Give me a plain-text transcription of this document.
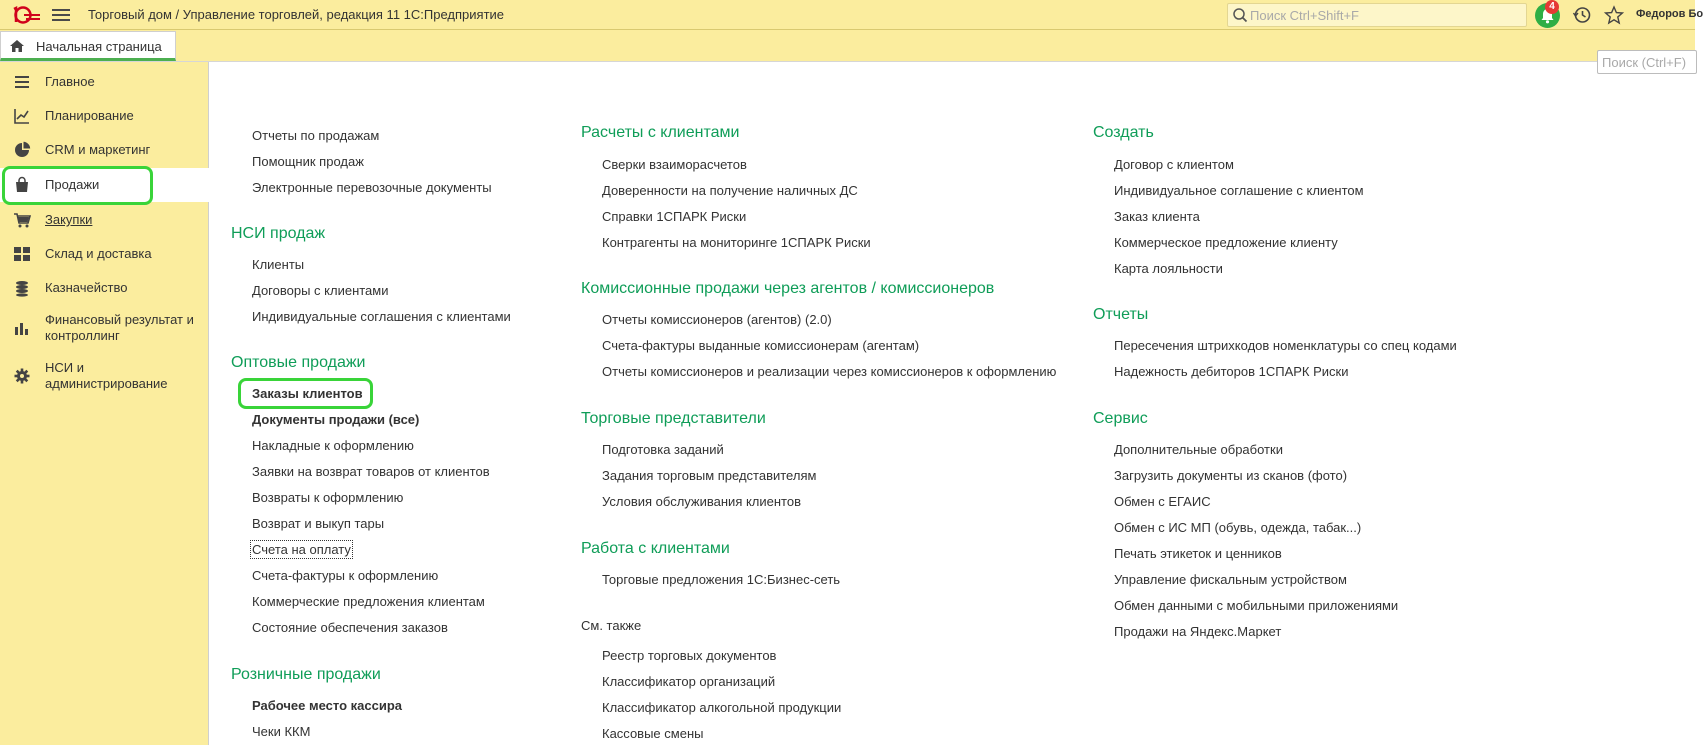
Торговый дом / Управление торговлей, редакция 11 1С:Предприятие
Поиск Ctrl+Shift+F
4
Федоров Бо
Начальная страница
Главное
Планирование
CRM и маркетинг
Продажи
Закупки
Склад и доставка
Казначейство
Финансовый результат и контроллинг
НСИ и администрирование
Поиск (Ctrl+F)
Отчеты по продажам
Помощник продаж
Электронные перевозочные документы
НСИ продаж
Клиенты
Договоры с клиентами
Индивидуальные соглашения с клиентами
Оптовые продажи
Заказы клиентов
Документы продажи (все)
Накладные к оформлению
Заявки на возврат товаров от клиентов
Возвраты к оформлению
Возврат и выкуп тары
Счета на оплату
Счета-фактуры к оформлению
Коммерческие предложения клиентам
Состояние обеспечения заказов
Розничные продажи
Рабочее место кассира
Чеки ККМ
Расчеты с клиентами
Сверки взаиморасчетов
Доверенности на получение наличных ДС
Справки 1СПАРК Риски
Контрагенты на мониторинге 1СПАРК Риски
Комиссионные продажи через агентов / комиссионеров
Отчеты комиссионеров (агентов) (2.0)
Счета-фактуры выданные комиссионерам (агентам)
Отчеты комиссионеров и реализации через комиссионеров к оформлению
Торговые представители
Подготовка заданий
Задания торговым представителям
Условия обслуживания клиентов
Работа с клиентами
Торговые предложения 1С:Бизнес-сеть
См. также
Реестр торговых документов
Классификатор организаций
Классификатор алкогольной продукции
Кассовые смены
Создать
Договор с клиентом
Индивидуальное соглашение с клиентом
Заказ клиента
Коммерческое предложение клиенту
Карта лояльности
Отчеты
Пересечения штрихкодов номенклатуры со спец кодами
Надежность дебиторов 1СПАРК Риски
Сервис
Дополнительные обработки
Загрузить документы из сканов (фото)
Обмен с ЕГАИС
Обмен с ИС МП (обувь, одежда, табак...)
Печать этикеток и ценников
Управление фискальным устройством
Обмен данными с мобильными приложениями
Продажи на Яндекс.Маркет
